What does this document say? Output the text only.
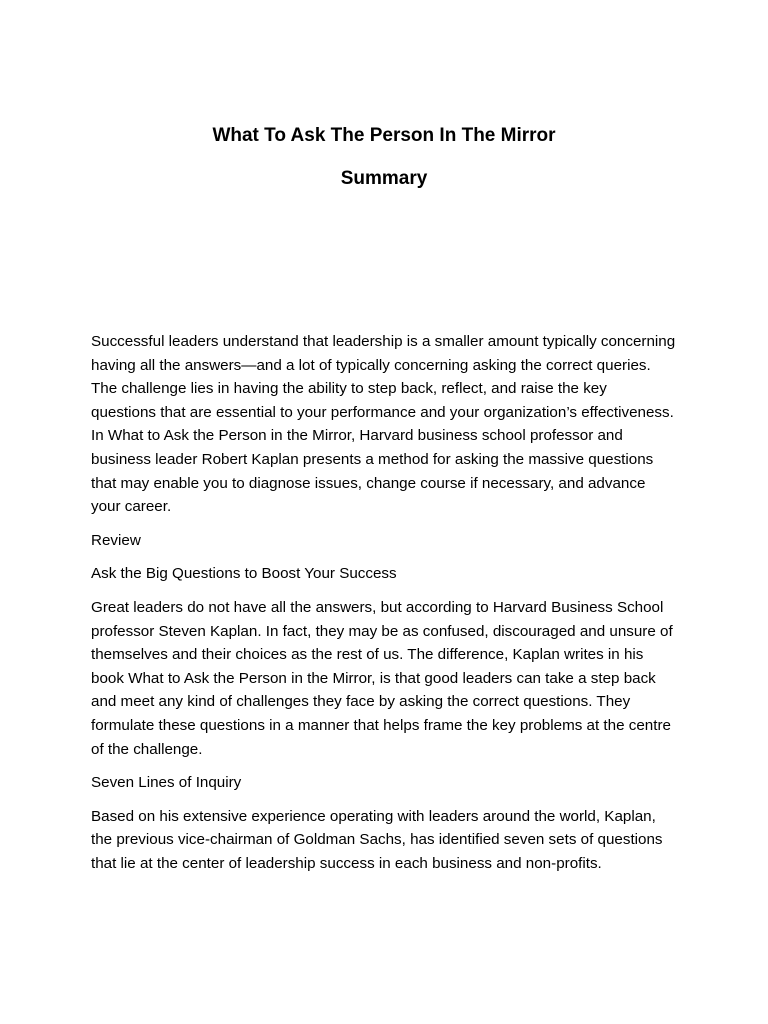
What To Ask The Person In The Mirror
Summary

Successful leaders understand that leadership is a smaller amount typically concerning having all the answers—and a lot of typically concerning asking the correct queries. The challenge lies in having the ability to step back, reflect, and raise the key questions that are essential to your performance and your organization’s effectiveness. In What to Ask the Person in the Mirror, Harvard business school professor and business leader Robert Kaplan presents a method for asking the massive questions that may enable you to diagnose issues, change course if necessary, and advance your career.

Review

Ask the Big Questions to Boost Your Success

Great leaders do not have all the answers, but according to Harvard Business School professor Steven Kaplan. In fact, they may be as confused, discouraged and unsure of themselves and their choices as the rest of us. The difference, Kaplan writes in his book What to Ask the Person in the Mirror, is that good leaders can take a step back and meet any kind of challenges they face by asking the correct questions. They formulate these questions in a manner that helps frame the key problems at the centre of the challenge.

Seven Lines of Inquiry

Based on his extensive experience operating with leaders around the world, Kaplan, the previous vice-chairman of Goldman Sachs, has identified seven sets of questions that lie at the center of leadership success in each business and non-profits.
